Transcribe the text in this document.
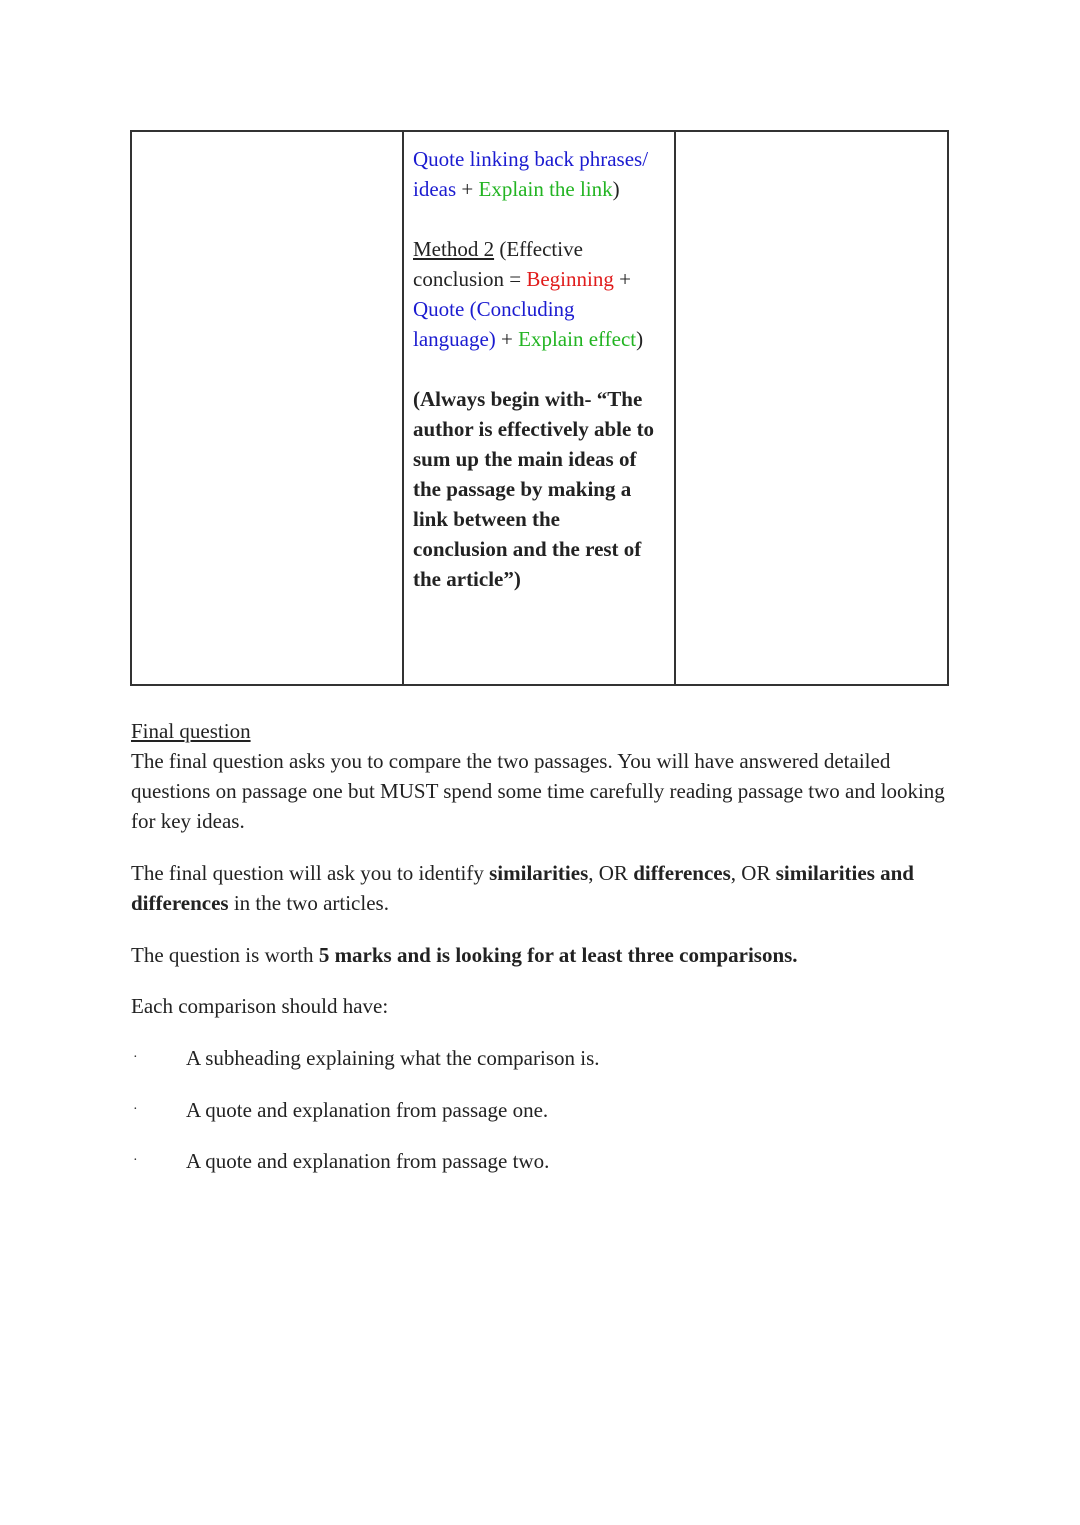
Quote linking back phrases/
ideas + Explain the link)

Method 2 (Effective
conclusion = Beginning +
Quote (Concluding
language) + Explain effect)

(Always begin with- “The
author is effectively able to
sum up the main ideas of
the passage by making a
link between the
conclusion and the rest of
the article”)

Final question

The final question asks you to compare the two passages. You will have answered detailed questions on passage one but MUST spend some time carefully reading passage two and looking for key ideas.

The final question will ask you to identify similarities, OR differences, OR similarities and differences in the two articles.

The question is worth 5 marks and is looking for at least three comparisons.

Each comparison should have:

· A subheading explaining what the comparison is.
· A quote and explanation from passage one.
· A quote and explanation from passage two.
